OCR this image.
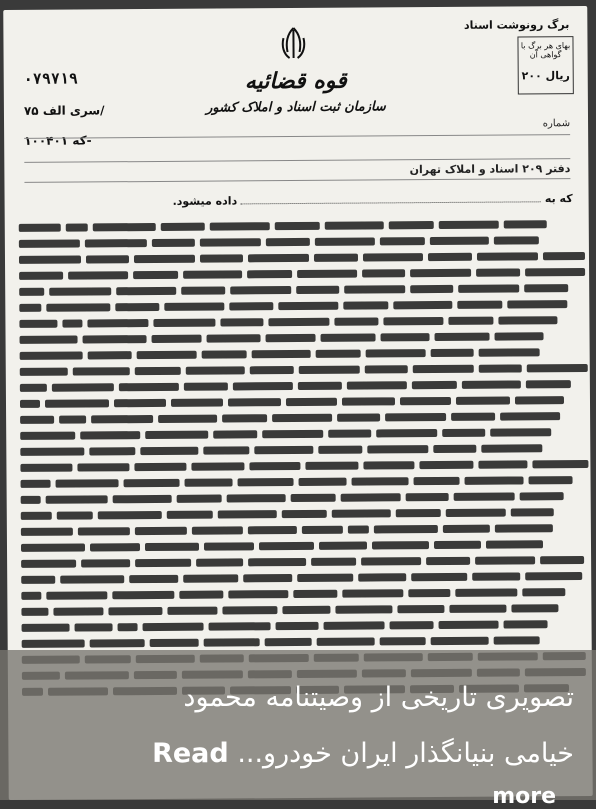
برگ رونوشت اسناد
بهای هر برگ با گواهی آن
۲۰۰ ریال
قوه قضائیه
سازمان ثبت اسناد و املاک کشور
۰۷۹۷۱۹
سری الف ۷۵/
که ۱۰۰۴۰۱-
شماره
دفتر ۲۰۹ اسناد و املاک تهران
که به  داده میشود.
تصویری تاریخی از وصیتنامه محمود
خیامی بنیانگذار ایران خودرو... Read
more
